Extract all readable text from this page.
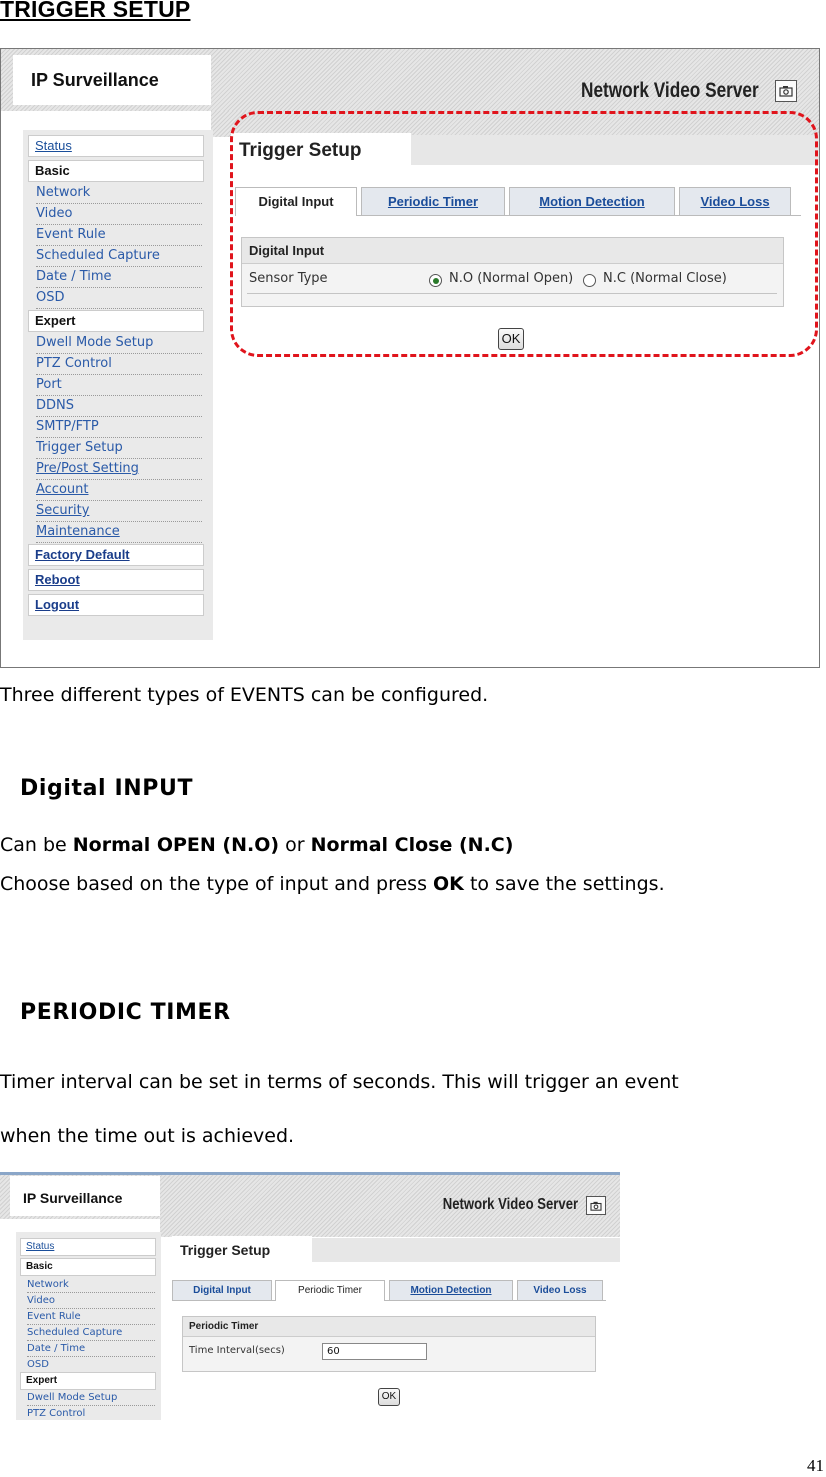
TRIGGER SETUP
IP Surveillance	Network Video Server
Status
Basic
Network
Video
Event Rule
Scheduled Capture
Date / Time
OSD
Expert
Dwell Mode Setup
PTZ Control
Port
DDNS
SMTP/FTP
Trigger Setup
Pre/Post Setting
Account
Security
Maintenance
Factory Default
Reboot
Logout
Trigger Setup
Digital Input	Periodic Timer	Motion Detection	Video Loss
Digital Input
Sensor Type	N.O (Normal Open) N.C (Normal Close)
OK
Three different types of EVENTS can be configured.
Digital INPUT
Can be Normal OPEN (N.O) or Normal Close (N.C)
Choose based on the type of input and press OK to save the settings.
PERIODIC TIMER
Timer interval can be set in terms of seconds. This will trigger an event
when the time out is achieved.
IP Surveillance	Network Video Server
Status
Basic
Network
Video
Event Rule
Scheduled Capture
Date / Time
OSD
Expert
Dwell Mode Setup
PTZ Control
Trigger Setup
Digital Input	Periodic Timer	Motion Detection	Video Loss
Periodic Timer
Time Interval(secs)	60
OK
41
